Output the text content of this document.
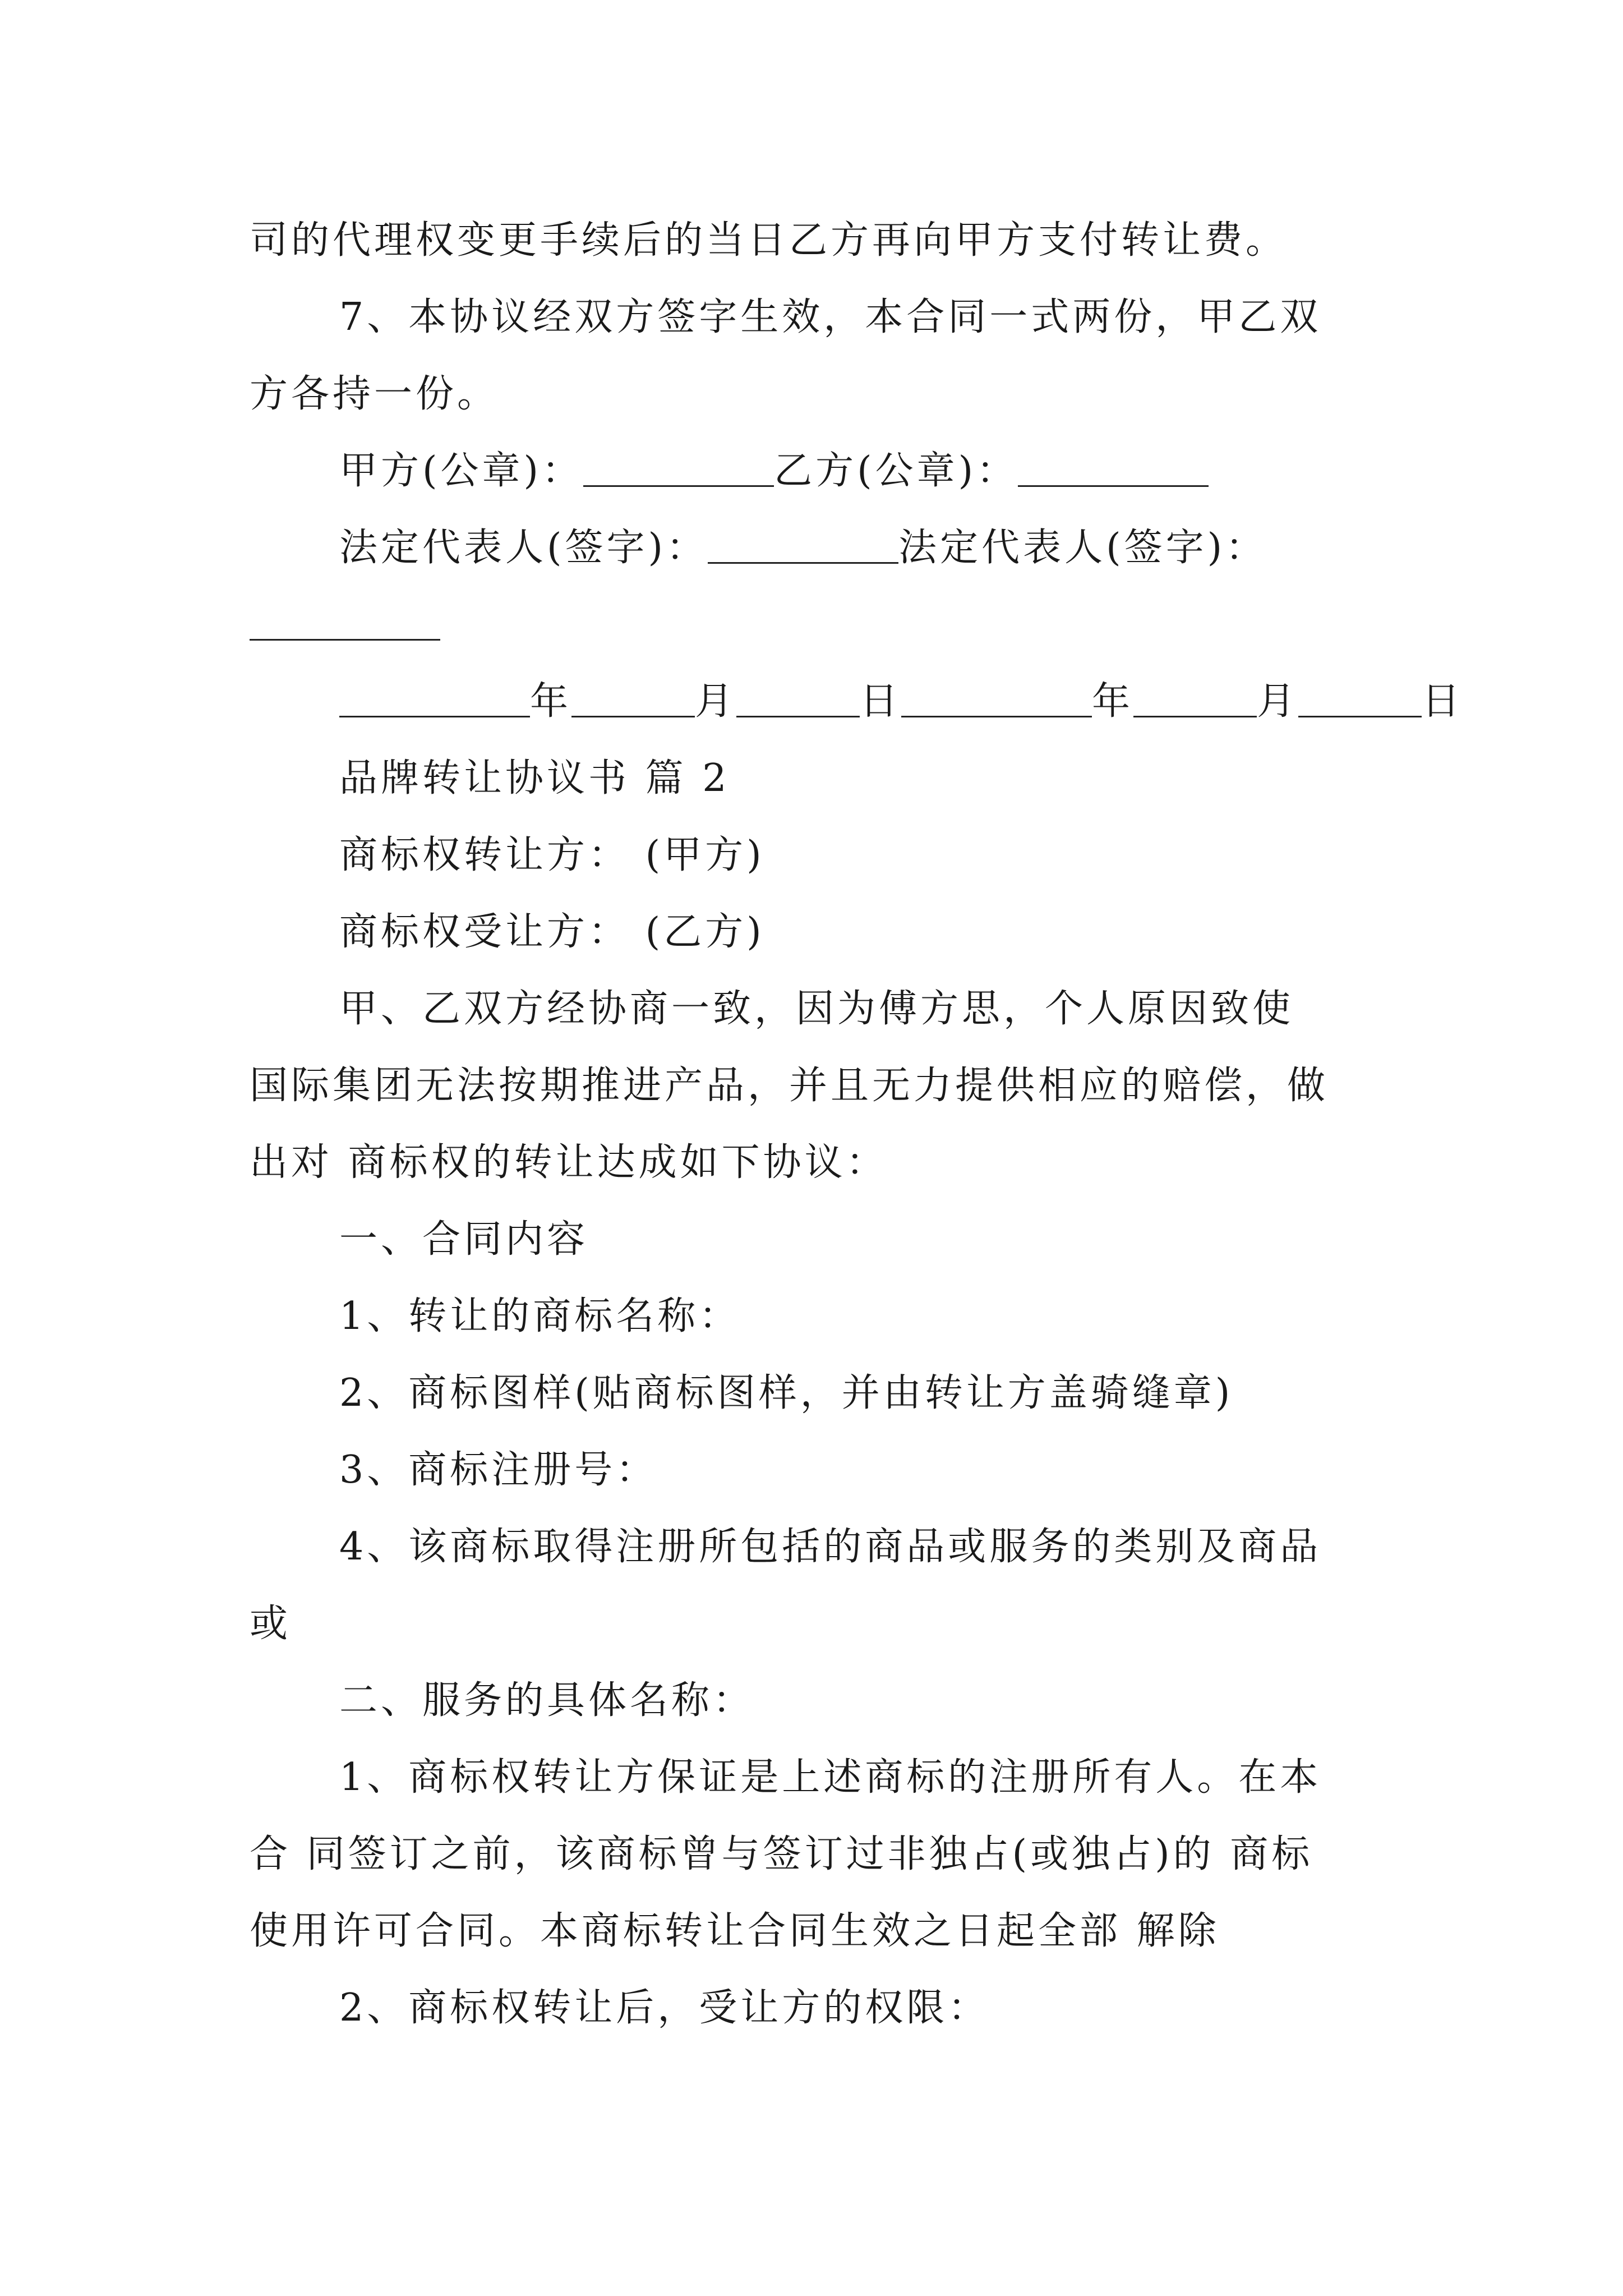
司的代理权变更手续后的当日乙方再向甲方支付转让费。
7、本协议经双方签字生效，本合同一式两份，甲乙双
方各持一份。
甲方(公章)：	乙方(公章)：
法定代表人(签字)：	法定代表人(签字)：
年	月	日	年	月	日
品牌转让协议书 篇 2
商标权转让方： (甲方)
商标权受让方： (乙方)
甲、乙双方经协商一致，因为傅方思，个人原因致使
国际集团无法按期推进产品，并且无力提供相应的赔偿，做
出对 商标权的转让达成如下协议：
一、合同内容
1、转让的商标名称：
2、商标图样(贴商标图样，并由转让方盖骑缝章)
3、商标注册号：
4、该商标取得注册所包括的商品或服务的类别及商品
或
二、服务的具体名称：
1、商标权转让方保证是上述商标的注册所有人。在本
合 同签订之前，该商标曾与签订过非独占(或独占)的 商标
使用许可合同。本商标转让合同生效之日起全部 解除
2、商标权转让后，受让方的权限：
